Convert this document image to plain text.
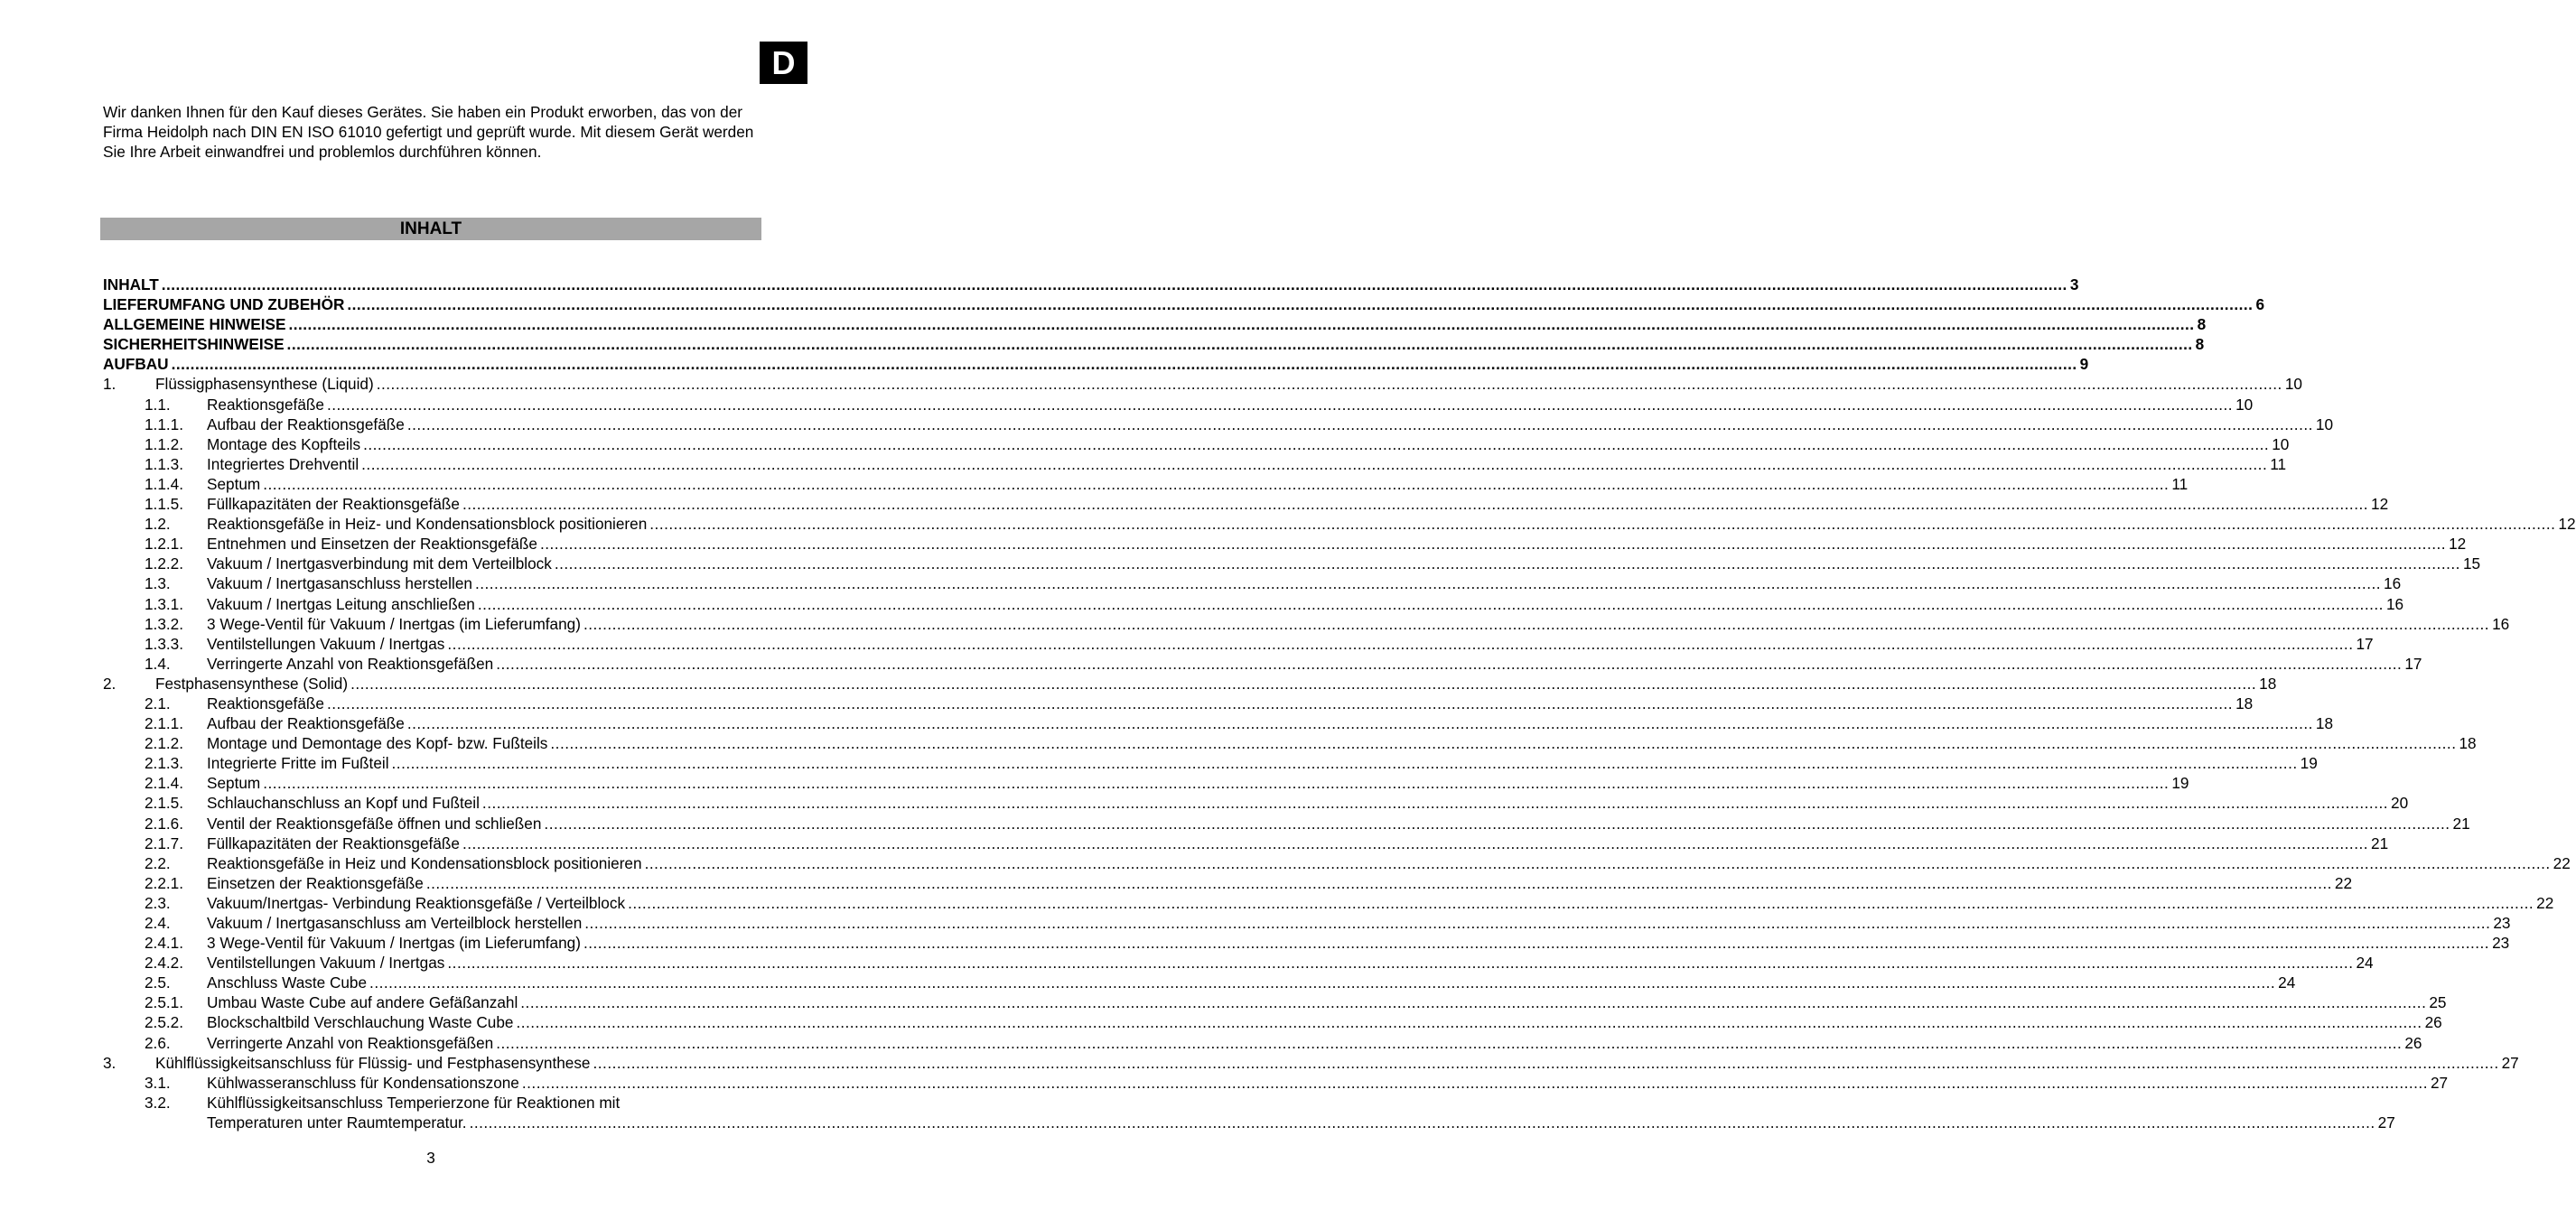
D

Wir danken Ihnen für den Kauf dieses Gerätes. Sie haben ein Produkt erworben, das von der Firma Heidolph nach DIN EN ISO 61010 gefertigt und geprüft wurde. Mit diesem Gerät werden Sie Ihre Arbeit einwandfrei und problemlos durchführen können.

INHALT
INHALT ................................................................................................................................................................................................................................................................................................................................................................................................................ 3
LIEFERUMFANG UND ZUBEHÖR ................................................................................................................................................................................................................................................................................................................................................................................................................ 6
ALLGEMEINE HINWEISE ................................................................................................................................................................................................................................................................................................................................................................................................................ 8
SICHERHEITSHINWEISE ................................................................................................................................................................................................................................................................................................................................................................................................................ 8
AUFBAU ................................................................................................................................................................................................................................................................................................................................................................................................................ 9
1.	Flüssigphasensynthese (Liquid) ................................................................................................................................................................................................................................................................................................................................................................................................................ 10
1.1. Reaktionsgefäße ................................................................................................................................................................................................................................................................................................................................................................................................................ 10
1.1.1. Aufbau der Reaktionsgefäße ................................................................................................................................................................................................................................................................................................................................................................................................................ 10
1.1.2. Montage des Kopfteils ................................................................................................................................................................................................................................................................................................................................................................................................................ 10
1.1.3. Integriertes Drehventil ................................................................................................................................................................................................................................................................................................................................................................................................................ 11
1.1.4. Septum ................................................................................................................................................................................................................................................................................................................................................................................................................ 11
1.1.5. Füllkapazitäten der Reaktionsgefäße ................................................................................................................................................................................................................................................................................................................................................................................................................ 12
1.2. Reaktionsgefäße in Heiz- und Kondensationsblock positionieren ................................................................................................................................................................................................................................................................................................................................................................................................................ 12
1.2.1. Entnehmen und Einsetzen der Reaktionsgefäße ................................................................................................................................................................................................................................................................................................................................................................................................................ 12
1.2.2. Vakuum / Inertgasverbindung mit dem Verteilblock ................................................................................................................................................................................................................................................................................................................................................................................................................ 15
1.3. Vakuum / Inertgasanschluss herstellen ................................................................................................................................................................................................................................................................................................................................................................................................................ 16
1.3.1. Vakuum / Inertgas Leitung anschließen ................................................................................................................................................................................................................................................................................................................................................................................................................ 16
1.3.2. 3 Wege-Ventil für Vakuum / Inertgas (im Lieferumfang) ................................................................................................................................................................................................................................................................................................................................................................................................................ 16
1.3.3. Ventilstellungen Vakuum / Inertgas ................................................................................................................................................................................................................................................................................................................................................................................................................ 17
1.4. Verringerte Anzahl von Reaktionsgefäßen ................................................................................................................................................................................................................................................................................................................................................................................................................ 17
2.	Festphasensynthese (Solid) ................................................................................................................................................................................................................................................................................................................................................................................................................ 18
2.1. Reaktionsgefäße ................................................................................................................................................................................................................................................................................................................................................................................................................ 18
2.1.1. Aufbau der Reaktionsgefäße ................................................................................................................................................................................................................................................................................................................................................................................................................ 18
2.1.2. Montage und Demontage des Kopf- bzw. Fußteils ................................................................................................................................................................................................................................................................................................................................................................................................................ 18
2.1.3. Integrierte Fritte im Fußteil ................................................................................................................................................................................................................................................................................................................................................................................................................ 19
2.1.4. Septum ................................................................................................................................................................................................................................................................................................................................................................................................................ 19
2.1.5. Schlauchanschluss an Kopf und Fußteil ................................................................................................................................................................................................................................................................................................................................................................................................................ 20
2.1.6. Ventil der Reaktionsgefäße öffnen und schließen ................................................................................................................................................................................................................................................................................................................................................................................................................ 21
2.1.7. Füllkapazitäten der Reaktionsgefäße ................................................................................................................................................................................................................................................................................................................................................................................................................ 21
2.2. Reaktionsgefäße in Heiz und Kondensationsblock positionieren ................................................................................................................................................................................................................................................................................................................................................................................................................ 22
2.2.1. Einsetzen der Reaktionsgefäße ................................................................................................................................................................................................................................................................................................................................................................................................................ 22
2.3. Vakuum/Inertgas- Verbindung Reaktionsgefäße / Verteilblock ................................................................................................................................................................................................................................................................................................................................................................................................................ 22
2.4. Vakuum / Inertgasanschluss am Verteilblock herstellen ................................................................................................................................................................................................................................................................................................................................................................................................................ 23
2.4.1. 3 Wege-Ventil für Vakuum / Inertgas (im Lieferumfang) ................................................................................................................................................................................................................................................................................................................................................................................................................ 23
2.4.2. Ventilstellungen Vakuum / Inertgas ................................................................................................................................................................................................................................................................................................................................................................................................................ 24
2.5. Anschluss Waste Cube ................................................................................................................................................................................................................................................................................................................................................................................................................ 24
2.5.1. Umbau Waste Cube auf andere Gefäßanzahl ................................................................................................................................................................................................................................................................................................................................................................................................................ 25
2.5.2. Blockschaltbild Verschlauchung Waste Cube ................................................................................................................................................................................................................................................................................................................................................................................................................ 26
2.6. Verringerte Anzahl von Reaktionsgefäßen ................................................................................................................................................................................................................................................................................................................................................................................................................ 26
3.	Kühlflüssigkeitsanschluss für Flüssig- und Festphasensynthese ................................................................................................................................................................................................................................................................................................................................................................................................................ 27
3.1. Kühlwasseranschluss für Kondensationszone ................................................................................................................................................................................................................................................................................................................................................................................................................ 27
3.2. Kühlflüssigkeitsanschluss Temperierzone für Reaktionen mit
Temperaturen unter Raumtemperatur. ................................................................................................................................................................................................................................................................................................................................................................................................................ 27
3
